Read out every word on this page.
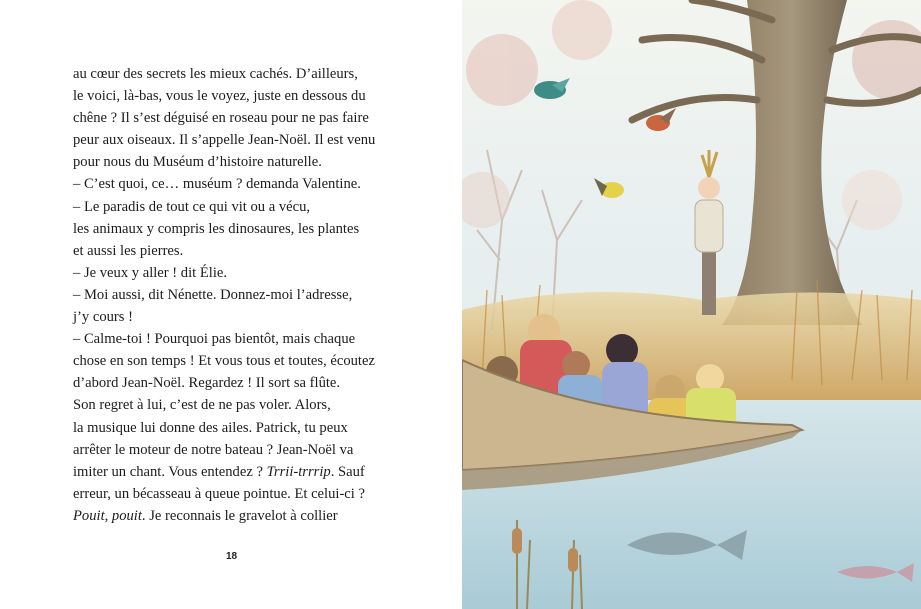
au cœur des secrets les mieux cachés. D’ailleurs,
le voici, là-bas, vous le voyez, juste en dessous du
chêne ? Il s’est déguisé en roseau pour ne pas faire
peur aux oiseaux. Il s’appelle Jean-Noël. Il est venu
pour nous du Muséum d’histoire naturelle.
– C’est quoi, ce… muséum ? demanda Valentine.
– Le paradis de tout ce qui vit ou a vécu,
les animaux y compris les dinosaures, les plantes
et aussi les pierres.
– Je veux y aller ! dit Élie.
– Moi aussi, dit Nénette. Donnez-moi l’adresse,
j’y cours !
– Calme-toi ! Pourquoi pas bientôt, mais chaque
chose en son temps ! Et vous tous et toutes, écoutez
d’abord Jean-Noël. Regardez ! Il sort sa flûte.
Son regret à lui, c’est de ne pas voler. Alors,
la musique lui donne des ailes. Patrick, tu peux
arrêter le moteur de notre bateau ? Jean-Noël va
imiter un chant. Vous entendez ? Trrii-trrrip. Sauf
erreur, un bécasseau à queue pointue. Et celui-ci ?
Pouit, pouit. Je reconnais le gravelot à collier
18
